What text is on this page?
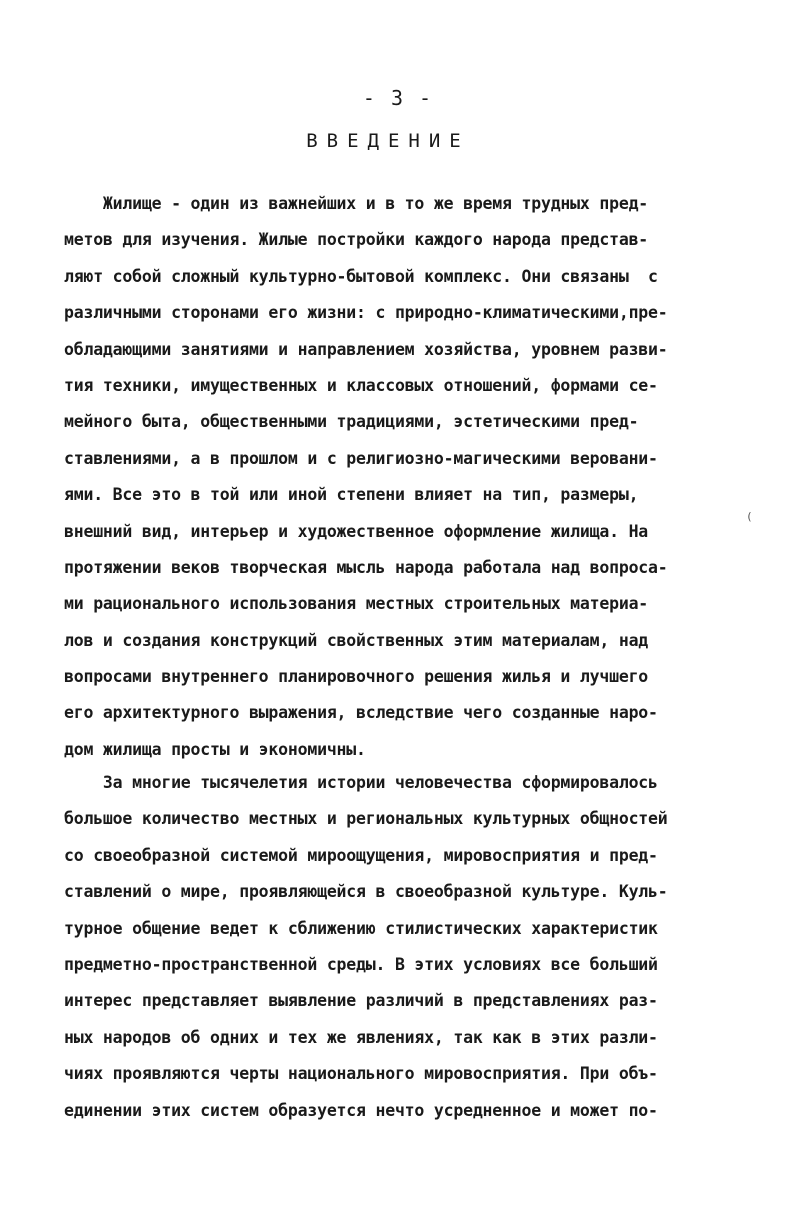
- 3 -
ВВЕДЕНИЕ
Жилище - один из важнейших и в то же время трудных пред-
метов для изучения. Жилые постройки каждого народа представ-
ляют собой сложный культурно-бытовой комплекс. Они связаны  с
различными сторонами его жизни: с природно-климатическими,пре-
обладающими занятиями и направлением хозяйства, уровнем разви-
тия техники, имущественных и классовых отношений, формами се-
мейного быта, общественными традициями, эстетическими пред-
ставлениями, а в прошлом и с религиозно-магическими веровани-
ями. Все это в той или иной степени влияет на тип, размеры,
внешний вид, интерьер и художественное оформление жилища. На
протяжении веков творческая мысль народа работала над вопроса-
ми рационального использования местных строительных материа-
лов и создания конструкций свойственных этим материалам, над
вопросами внутреннего планировочного решения жилья и лучшего
его архитектурного выражения, вследствие чего созданные наро-
дом жилища просты и экономичны.
За многие тысячелетия истории человечества сформировалось
большое количество местных и региональных культурных общностей
со своеобразной системой мироощущения, мировосприятия и пред-
ставлений о мире, проявляющейся в своеобразной культуре. Куль-
турное общение ведет к сближению стилистических характеристик
предметно-пространственной среды. В этих условиях все больший
интерес представляет выявление различий в представлениях раз-
ных народов об одних и тех же явлениях, так как в этих разли-
чиях проявляются черты национального мировосприятия. При объ-
единении этих систем образуется нечто усредненное и может по-
(
